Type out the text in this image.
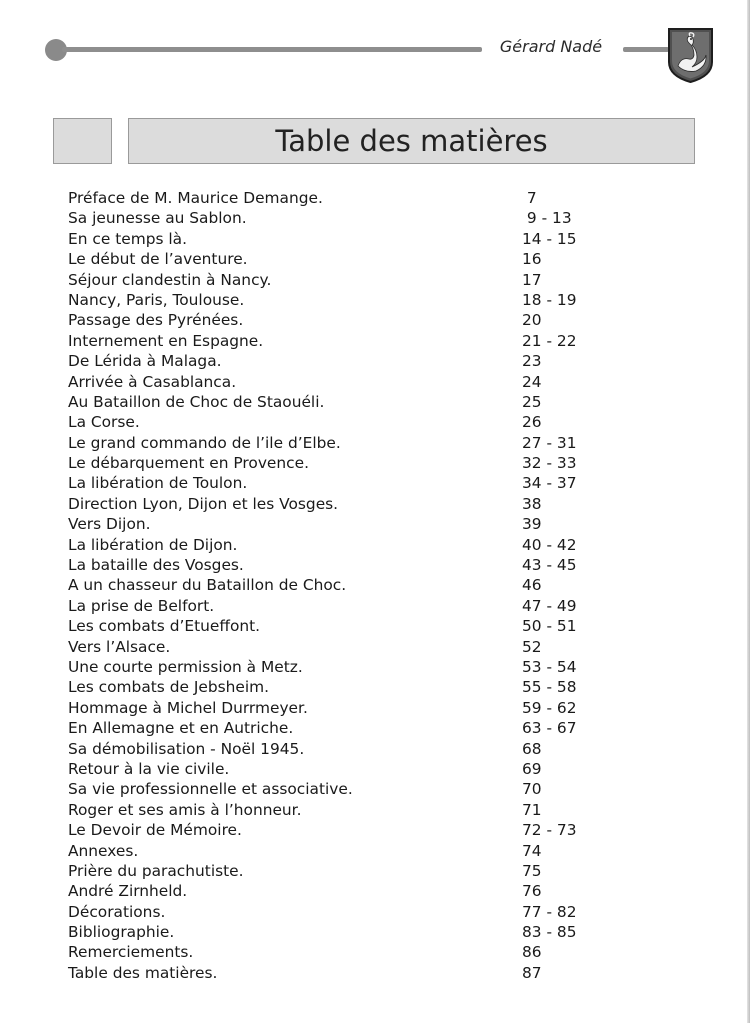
Gérard Nadé
Table des matières
Préface de M. Maurice Demange.	7
Sa jeunesse au Sablon.	9 - 13
En ce temps là.	14 - 15
Le début de l’aventure.	16
Séjour clandestin à Nancy.	17
Nancy, Paris, Toulouse.	18 - 19
Passage des Pyrénées.	20
Internement en Espagne.	21 - 22
De Lérida à Malaga.	23
Arrivée à Casablanca.	24
Au Bataillon de Choc de Staouéli.	25
La Corse.	26
Le grand commando de l’ile d’Elbe.	27 - 31
Le débarquement en Provence.	32 - 33
La libération de Toulon.	34 - 37
Direction Lyon, Dijon et les Vosges.	38
Vers Dijon.	39
La libération de Dijon.	40 - 42
La bataille des Vosges.	43 - 45
A un chasseur du Bataillon de Choc.	46
La prise de Belfort.	47 - 49
Les combats d’Etueffont.	50 - 51
Vers l’Alsace.	52
Une courte permission à Metz.	53 - 54
Les combats de Jebsheim.	55 - 58
Hommage à Michel Durrmeyer.	59 - 62
En Allemagne et en Autriche.	63 - 67
Sa démobilisation - Noël 1945.	68
Retour à la vie civile.	69
Sa vie professionnelle et associative.	70
Roger et ses amis à l’honneur.	71
Le Devoir de Mémoire.	72 - 73
Annexes.	74
Prière du parachutiste.	75
André Zirnheld.	76
Décorations.	77 - 82
Bibliographie.	83 - 85
Remerciements.	86
Table des matières.	87
